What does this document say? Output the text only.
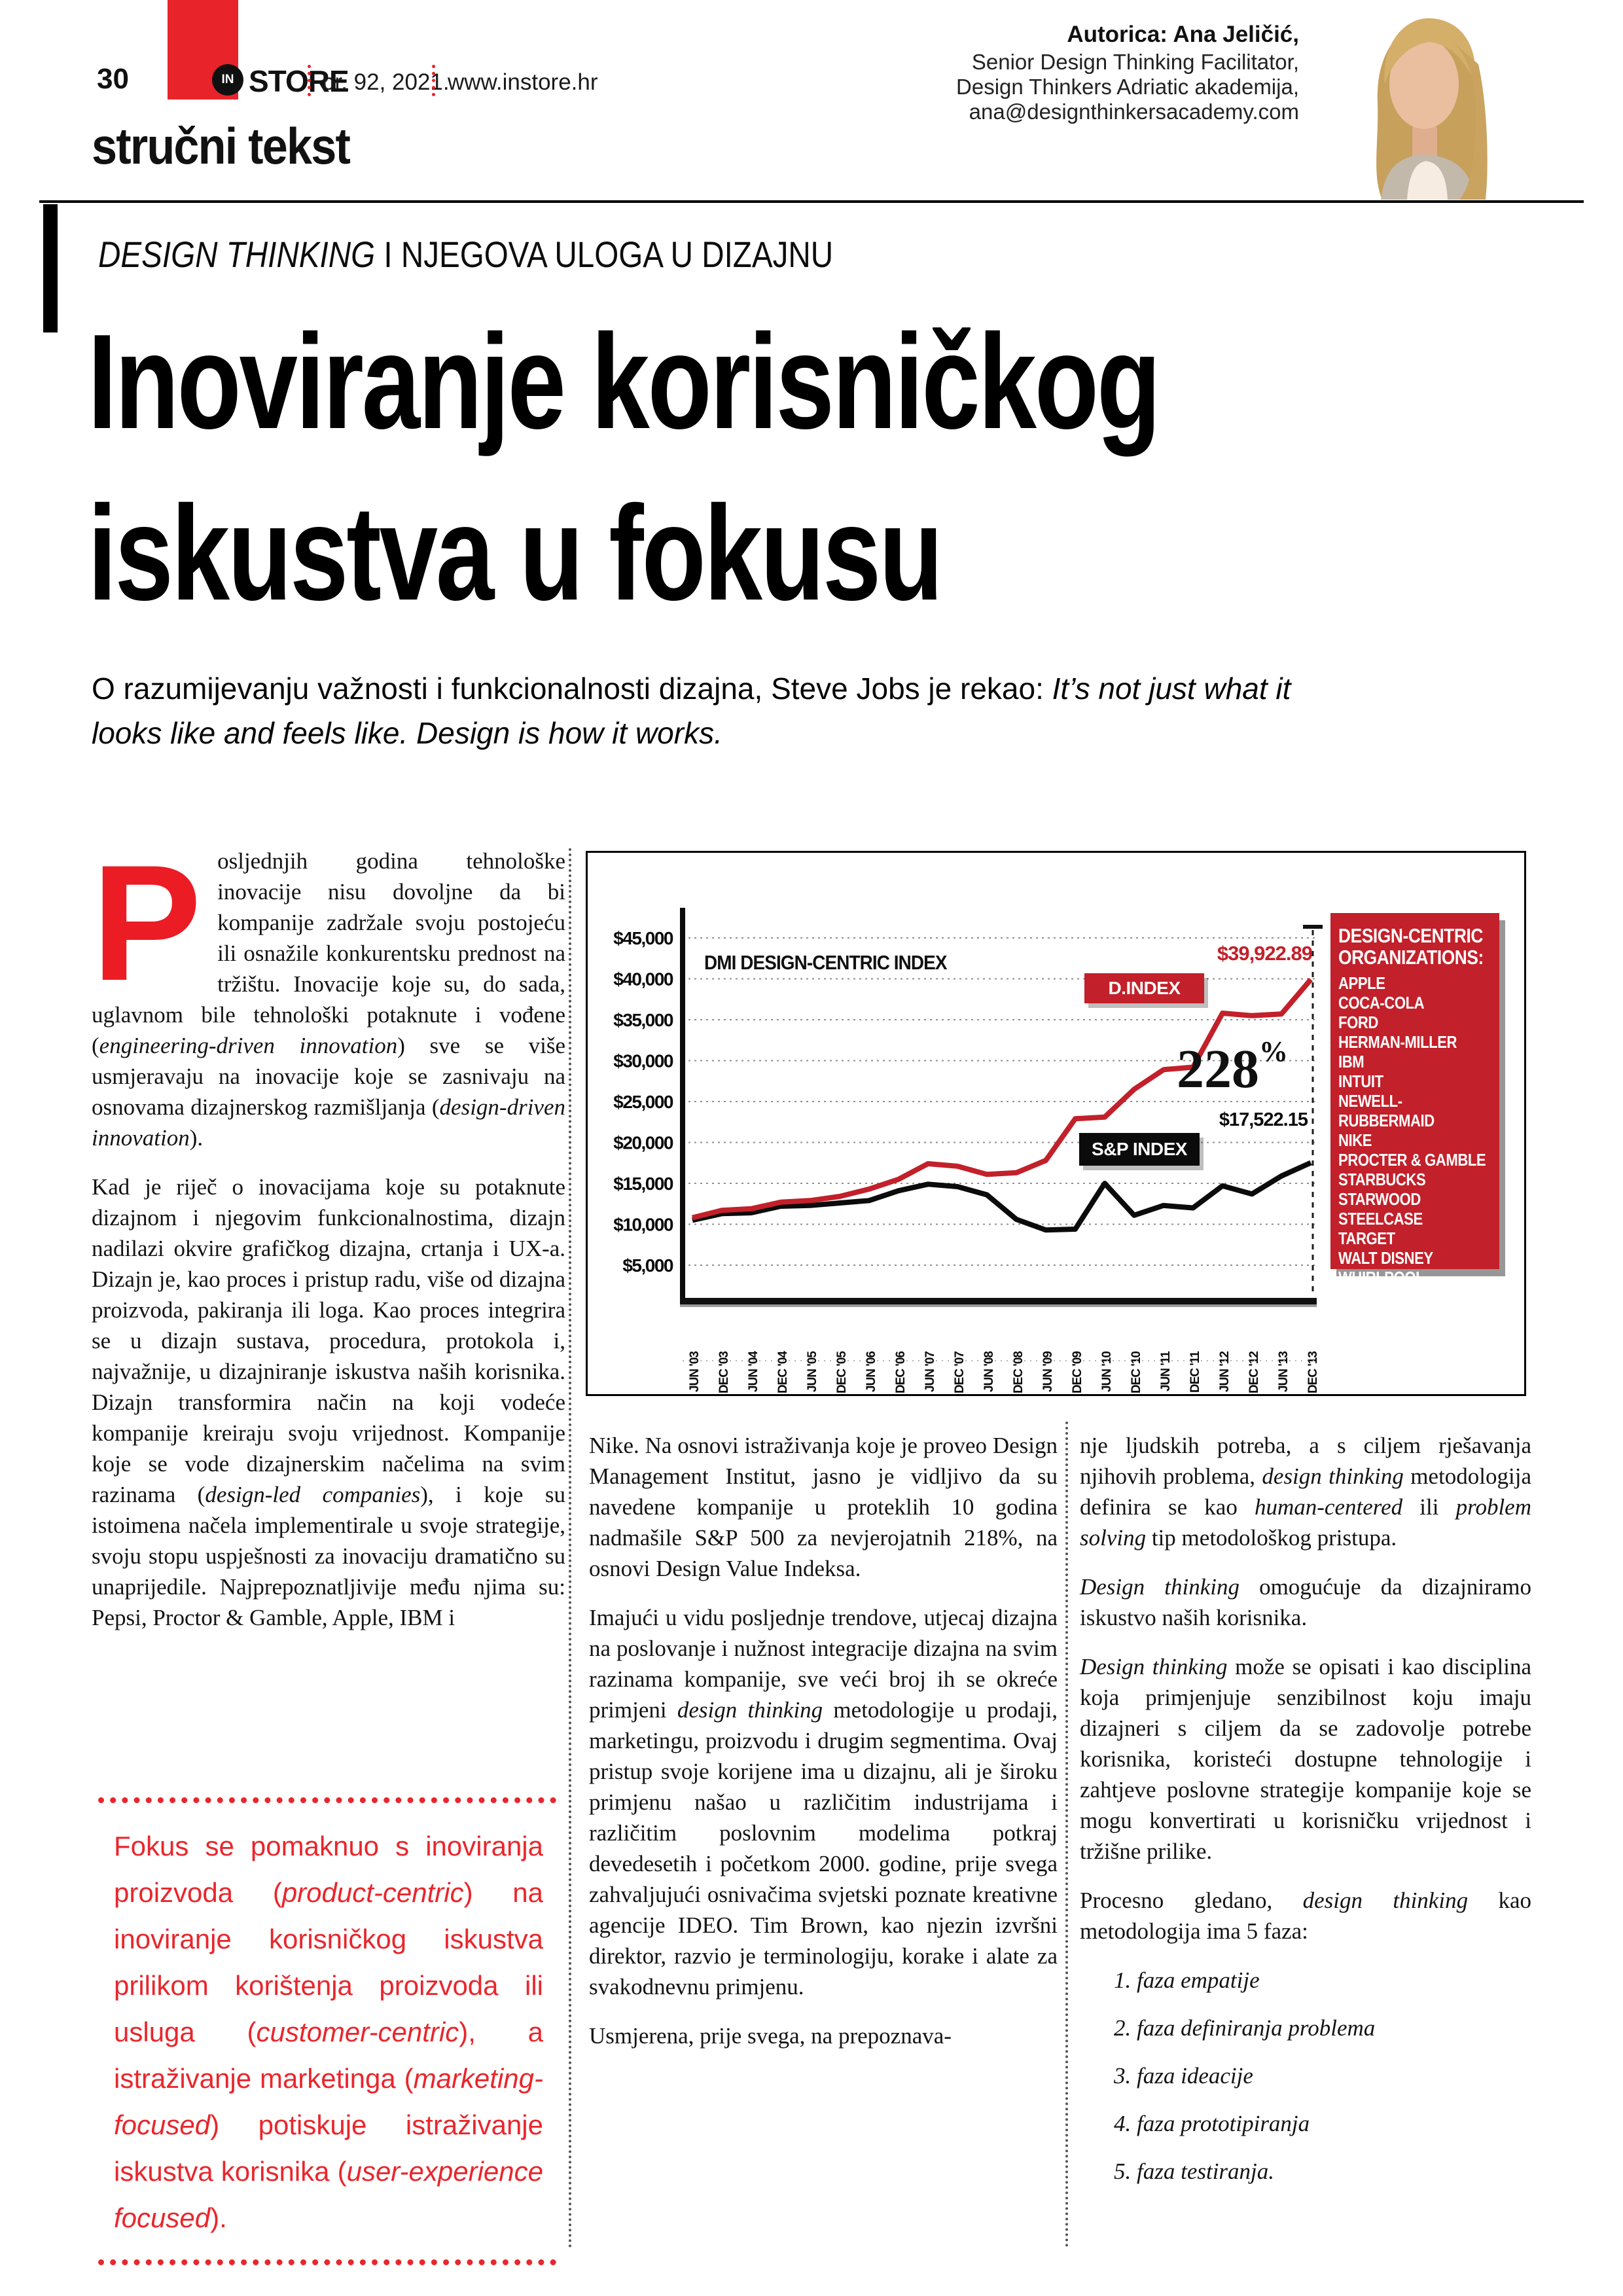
30	IN STORE
br. 92, 2021.
www.instore.hr
stručni tekst
Autorica: Ana Jeličić,
Senior Design Thinking Facilitator,
Design Thinkers Adriatic akademija,
ana@designthinkersacademy.com
DESIGN THINKING I NJEGOVA ULOGA U DIZAJNU
Inoviranje korisničkog
iskustva u fokusu
O razumijevanju važnosti i funkcionalnosti dizajna, Steve Jobs je rekao: It’s not just what it looks like and feels like. Design is how it works.

Posljednjih godina tehnološke inovacije nisu dovoljne da bi kompanije zadržale svoju postojeću ili osnažile konkurentsku prednost na tržištu. Inovacije koje su, do sada, uglavnom bile tehnološki potaknute i vođene (engineering-driven innovation) sve se više usmjeravaju na inovacije koje se zasnivaju na osnovama dizajnerskog razmišljanja (design-driven innovation).

Kad je riječ o inovacijama koje su potaknute dizajnom i njegovim funkcionalnostima, dizajn nadilazi okvire grafičkog dizajna, crtanja i UX-a. Dizajn je, kao proces i pristup radu, više od dizajna proizvoda, pakiranja ili loga. Kao proces integrira se u dizajn sustava, procedura, protokola i, najvažnije, u dizajniranje iskustva naših korisnika. Dizajn transformira način na koji vodeće kompanije kreiraju svoju vrijednost. Kompanije koje se vode dizajnerskim načelima na svim razinama (design-led companies), i koje su istoimena načela implementirale u svoje strategije, svoju stopu uspješnosti za inovaciju dramatično su unaprijedile. Najprepoznatljivije među njima su: Pepsi, Proctor & Gamble, Apple, IBM i

Fokus se pomaknuo s inoviranja proizvoda (product-centric) na inoviranje korisničkog iskustva prilikom korištenja proizvoda ili usluga (customer-centric), a istraživanje marketinga (marketing-focused) potiskuje istraživanje iskustva korisnika (user-experience focused).
$45,000
$40,000
$35,000
$30,000
$25,000
$20,000
$15,000
$10,000
$5,000
JUN '03 DEC '03 JUN '04 DEC '04 JUN '05 DEC '05 JUN '06 DEC '06 JUN '07 DEC '07 JUN '08 DEC '08 JUN '09 DEC '09 JUN '10 DEC '10 JUN '11 DEC '11 JUN '12 DEC '12 JUN '13 DEC '13
DMI DESIGN-CENTRIC INDEX	$39,922.89
D.INDEX
228%
$17,522.15
S&P INDEX
DESIGN-CENTRIC ORGANIZATIONS:
APPLE
COCA-COLA
FORD
HERMAN-MILLER
IBM
INTUIT
NEWELL-RUBBERMAID
NIKE
PROCTER & GAMBLE
STARBUCKS
STARWOOD
STEELCASE
TARGET
WALT DISNEY
WHIRLPOOL

Nike. Na osnovi istraživanja koje je proveo Design Management Institut, jasno je vidljivo da su navedene kompanije u proteklih 10 godina nadmašile S&P 500 za nevjerojatnih 218%, na osnovi Design Value Indeksa.

Imajući u vidu posljednje trendove, utjecaj dizajna na poslovanje i nužnost integracije dizajna na svim razinama kompanije, sve veći broj ih se okreće primjeni design thinking metodologije u prodaji, marketingu, proizvodu i drugim segmentima. Ovaj pristup svoje korijene ima u dizajnu, ali je široku primjenu našao u različitim industrijama i različitim poslovnim modelima potkraj devedesetih i početkom 2000. godine, prije svega zahvaljujući osnivačima svjetski poznate kreativne agencije IDEO. Tim Brown, kao njezin izvršni direktor, razvio je terminologiju, korake i alate za svakodnevnu primjenu.

Usmjerena, prije svega, na prepoznava-

nje ljudskih potreba, a s ciljem rješavanja njihovih problema, design thinking metodologija definira se kao human-centered ili problem solving tip metodološkog pristupa.

Design thinking omogućuje da dizajniramo iskustvo naših korisnika.

Design thinking može se opisati i kao disciplina koja primjenjuje senzibilnost koju imaju dizajneri s ciljem da se zadovolje potrebe korisnika, koristeći dostupne tehnologije i zahtjeve poslovne strategije kompanije koje se mogu konvertirati u korisničku vrijednost i tržišne prilike.

Procesno gledano, design thinking kao metodologija ima 5 faza:

1. faza empatije
2. faza definiranja problema
3. faza ideacije
4. faza prototipiranja
5. faza testiranja.
